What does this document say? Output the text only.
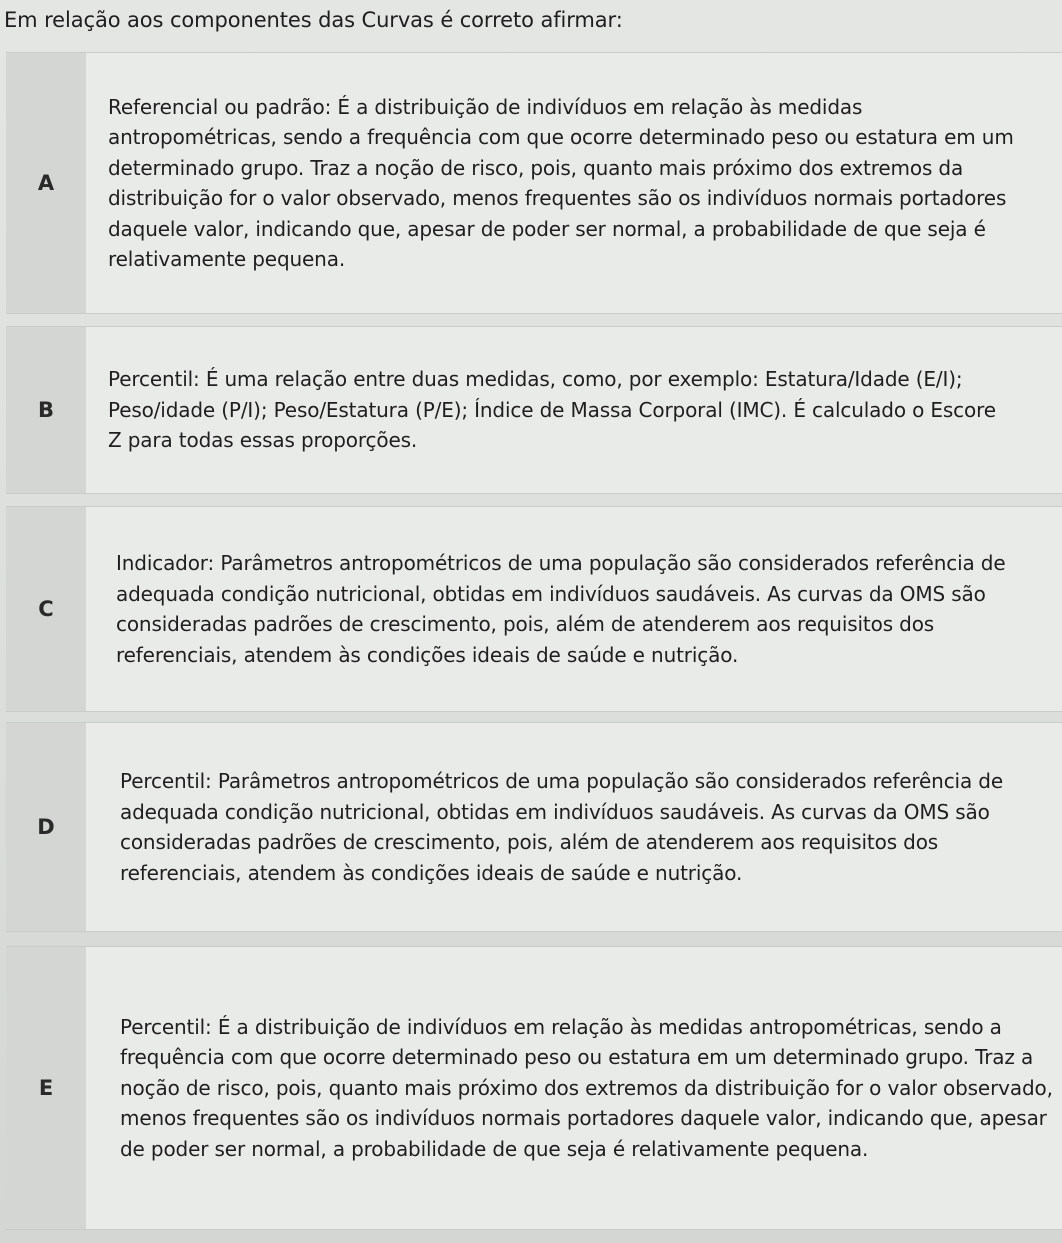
Em relação aos componentes das Curvas é correto afirmar:
A

Referencial ou padrão: É a distribuição de indivíduos em relação às medidas antropométricas, sendo a frequência com que ocorre determinado peso ou estatura em um determinado grupo. Traz a noção de risco, pois, quanto mais próximo dos extremos da distribuição for o valor observado, menos frequentes são os indivíduos normais portadores daquele valor, indicando que, apesar de poder ser normal, a probabilidade de que seja é relativamente pequena.

B

Percentil: É uma relação entre duas medidas, como, por exemplo: Estatura/Idade (E/I); Peso/idade (P/I); Peso/Estatura (P/E); Índice de Massa Corporal (IMC). É calculado o Escore Z para todas essas proporções.

C

Indicador: Parâmetros antropométricos de uma população são considerados referência de adequada condição nutricional, obtidas em indivíduos saudáveis. As curvas da OMS são consideradas padrões de crescimento, pois, além de atenderem aos requisitos dos referenciais, atendem às condições ideais de saúde e nutrição.

D

Percentil: Parâmetros antropométricos de uma população são considerados referência de adequada condição nutricional, obtidas em indivíduos saudáveis. As curvas da OMS são consideradas padrões de crescimento, pois, além de atenderem aos requisitos dos referenciais, atendem às condições ideais de saúde e nutrição.

E

Percentil: É a distribuição de indivíduos em relação às medidas antropométricas, sendo a frequência com que ocorre determinado peso ou estatura em um determinado grupo. Traz a noção de risco, pois, quanto mais próximo dos extremos da distribuição for o valor observado, menos frequentes são os indivíduos normais portadores daquele valor, indicando que, apesar de poder ser normal, a probabilidade de que seja é relativamente pequena.
